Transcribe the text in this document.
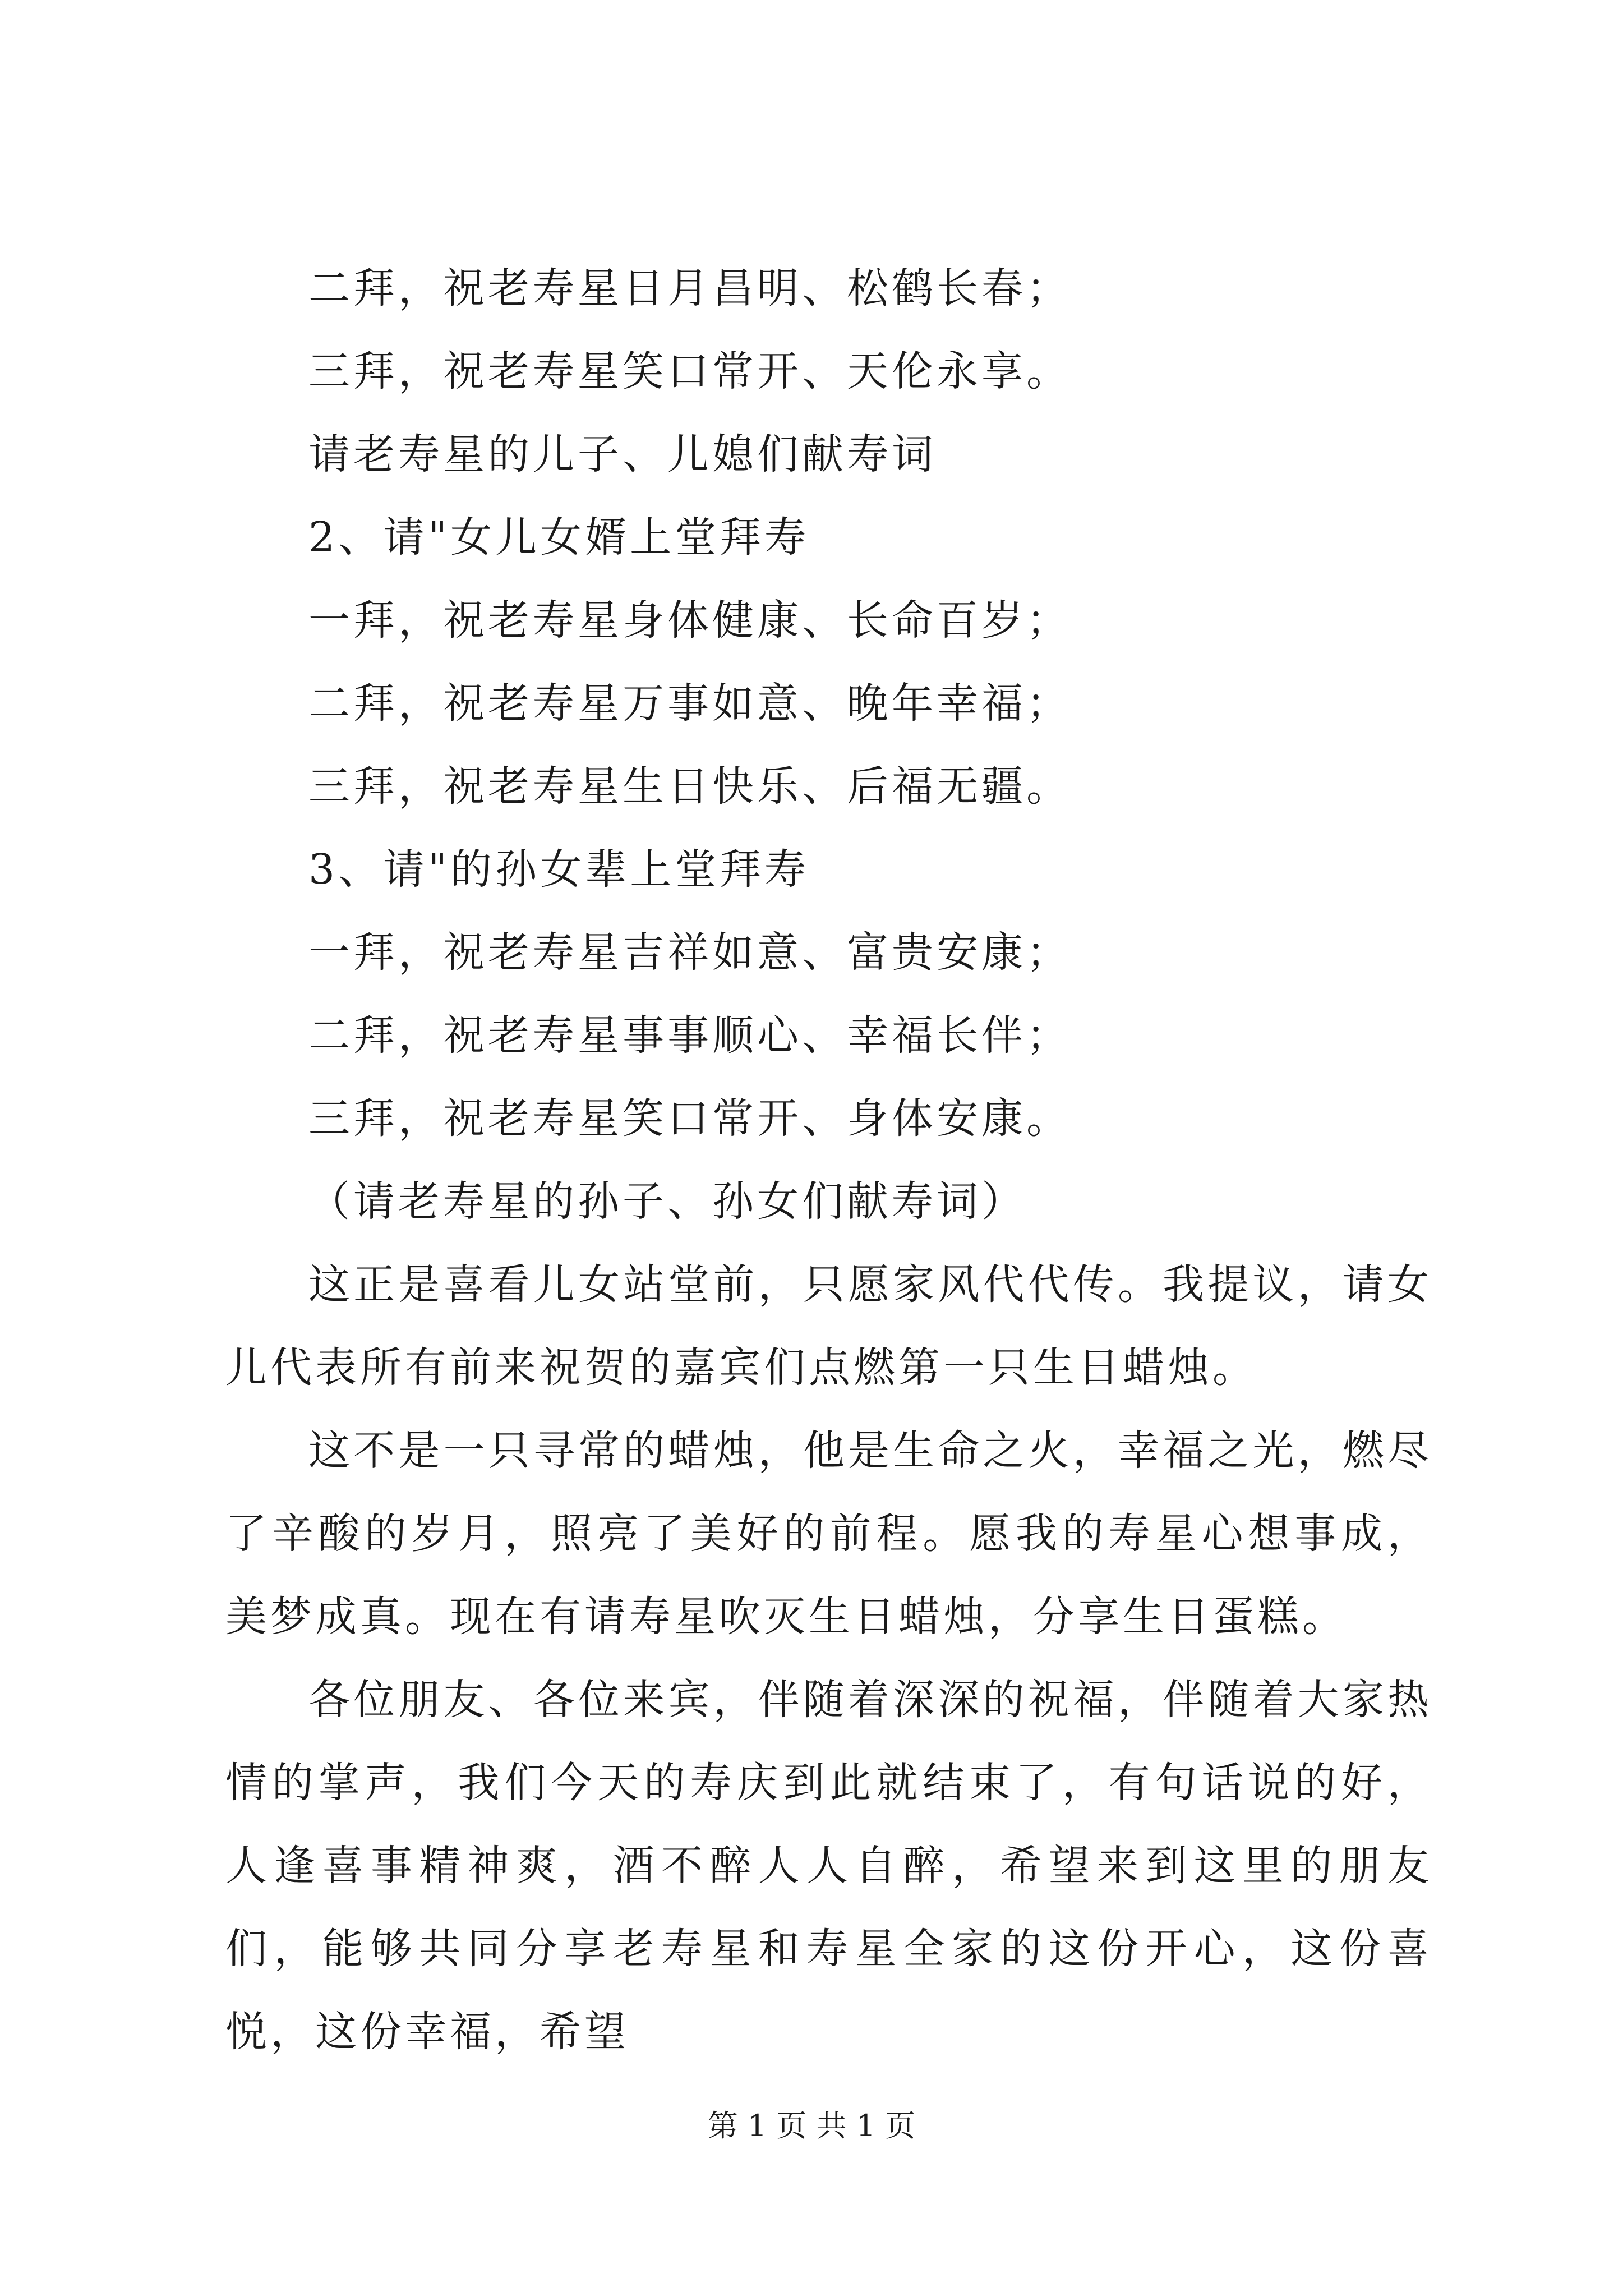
二拜，祝老寿星日月昌明、松鹤长春；
三拜，祝老寿星笑口常开、天伦永享。
请老寿星的儿子、儿媳们献寿词
2、请"女儿女婿上堂拜寿
一拜，祝老寿星身体健康、长命百岁；
二拜，祝老寿星万事如意、晚年幸福；
三拜，祝老寿星生日快乐、后福无疆。
3、请"的孙女辈上堂拜寿
一拜，祝老寿星吉祥如意、富贵安康；
二拜，祝老寿星事事顺心、幸福长伴；
三拜，祝老寿星笑口常开、身体安康。
（请老寿星的孙子、孙女们献寿词）

这正是喜看儿女站堂前，只愿家风代代传。我提议，请女儿代表所有前来祝贺的嘉宾们点燃第一只生日蜡烛。

这不是一只寻常的蜡烛，他是生命之火，幸福之光，燃尽了辛酸的岁月，照亮了美好的前程。愿我的寿星心想事成，美梦成真。现在有请寿星吹灭生日蜡烛，分享生日蛋糕。

各位朋友、各位来宾，伴随着深深的祝福，伴随着大家热情的掌声，我们今天的寿庆到此就结束了，有句话说的好，人逢喜事精神爽，酒不醉人人自醉，希望来到这里的朋友们，能够共同分享老寿星和寿星全家的这份开心，这份喜悦，这份幸福，希望

第 1 页 共 1 页
